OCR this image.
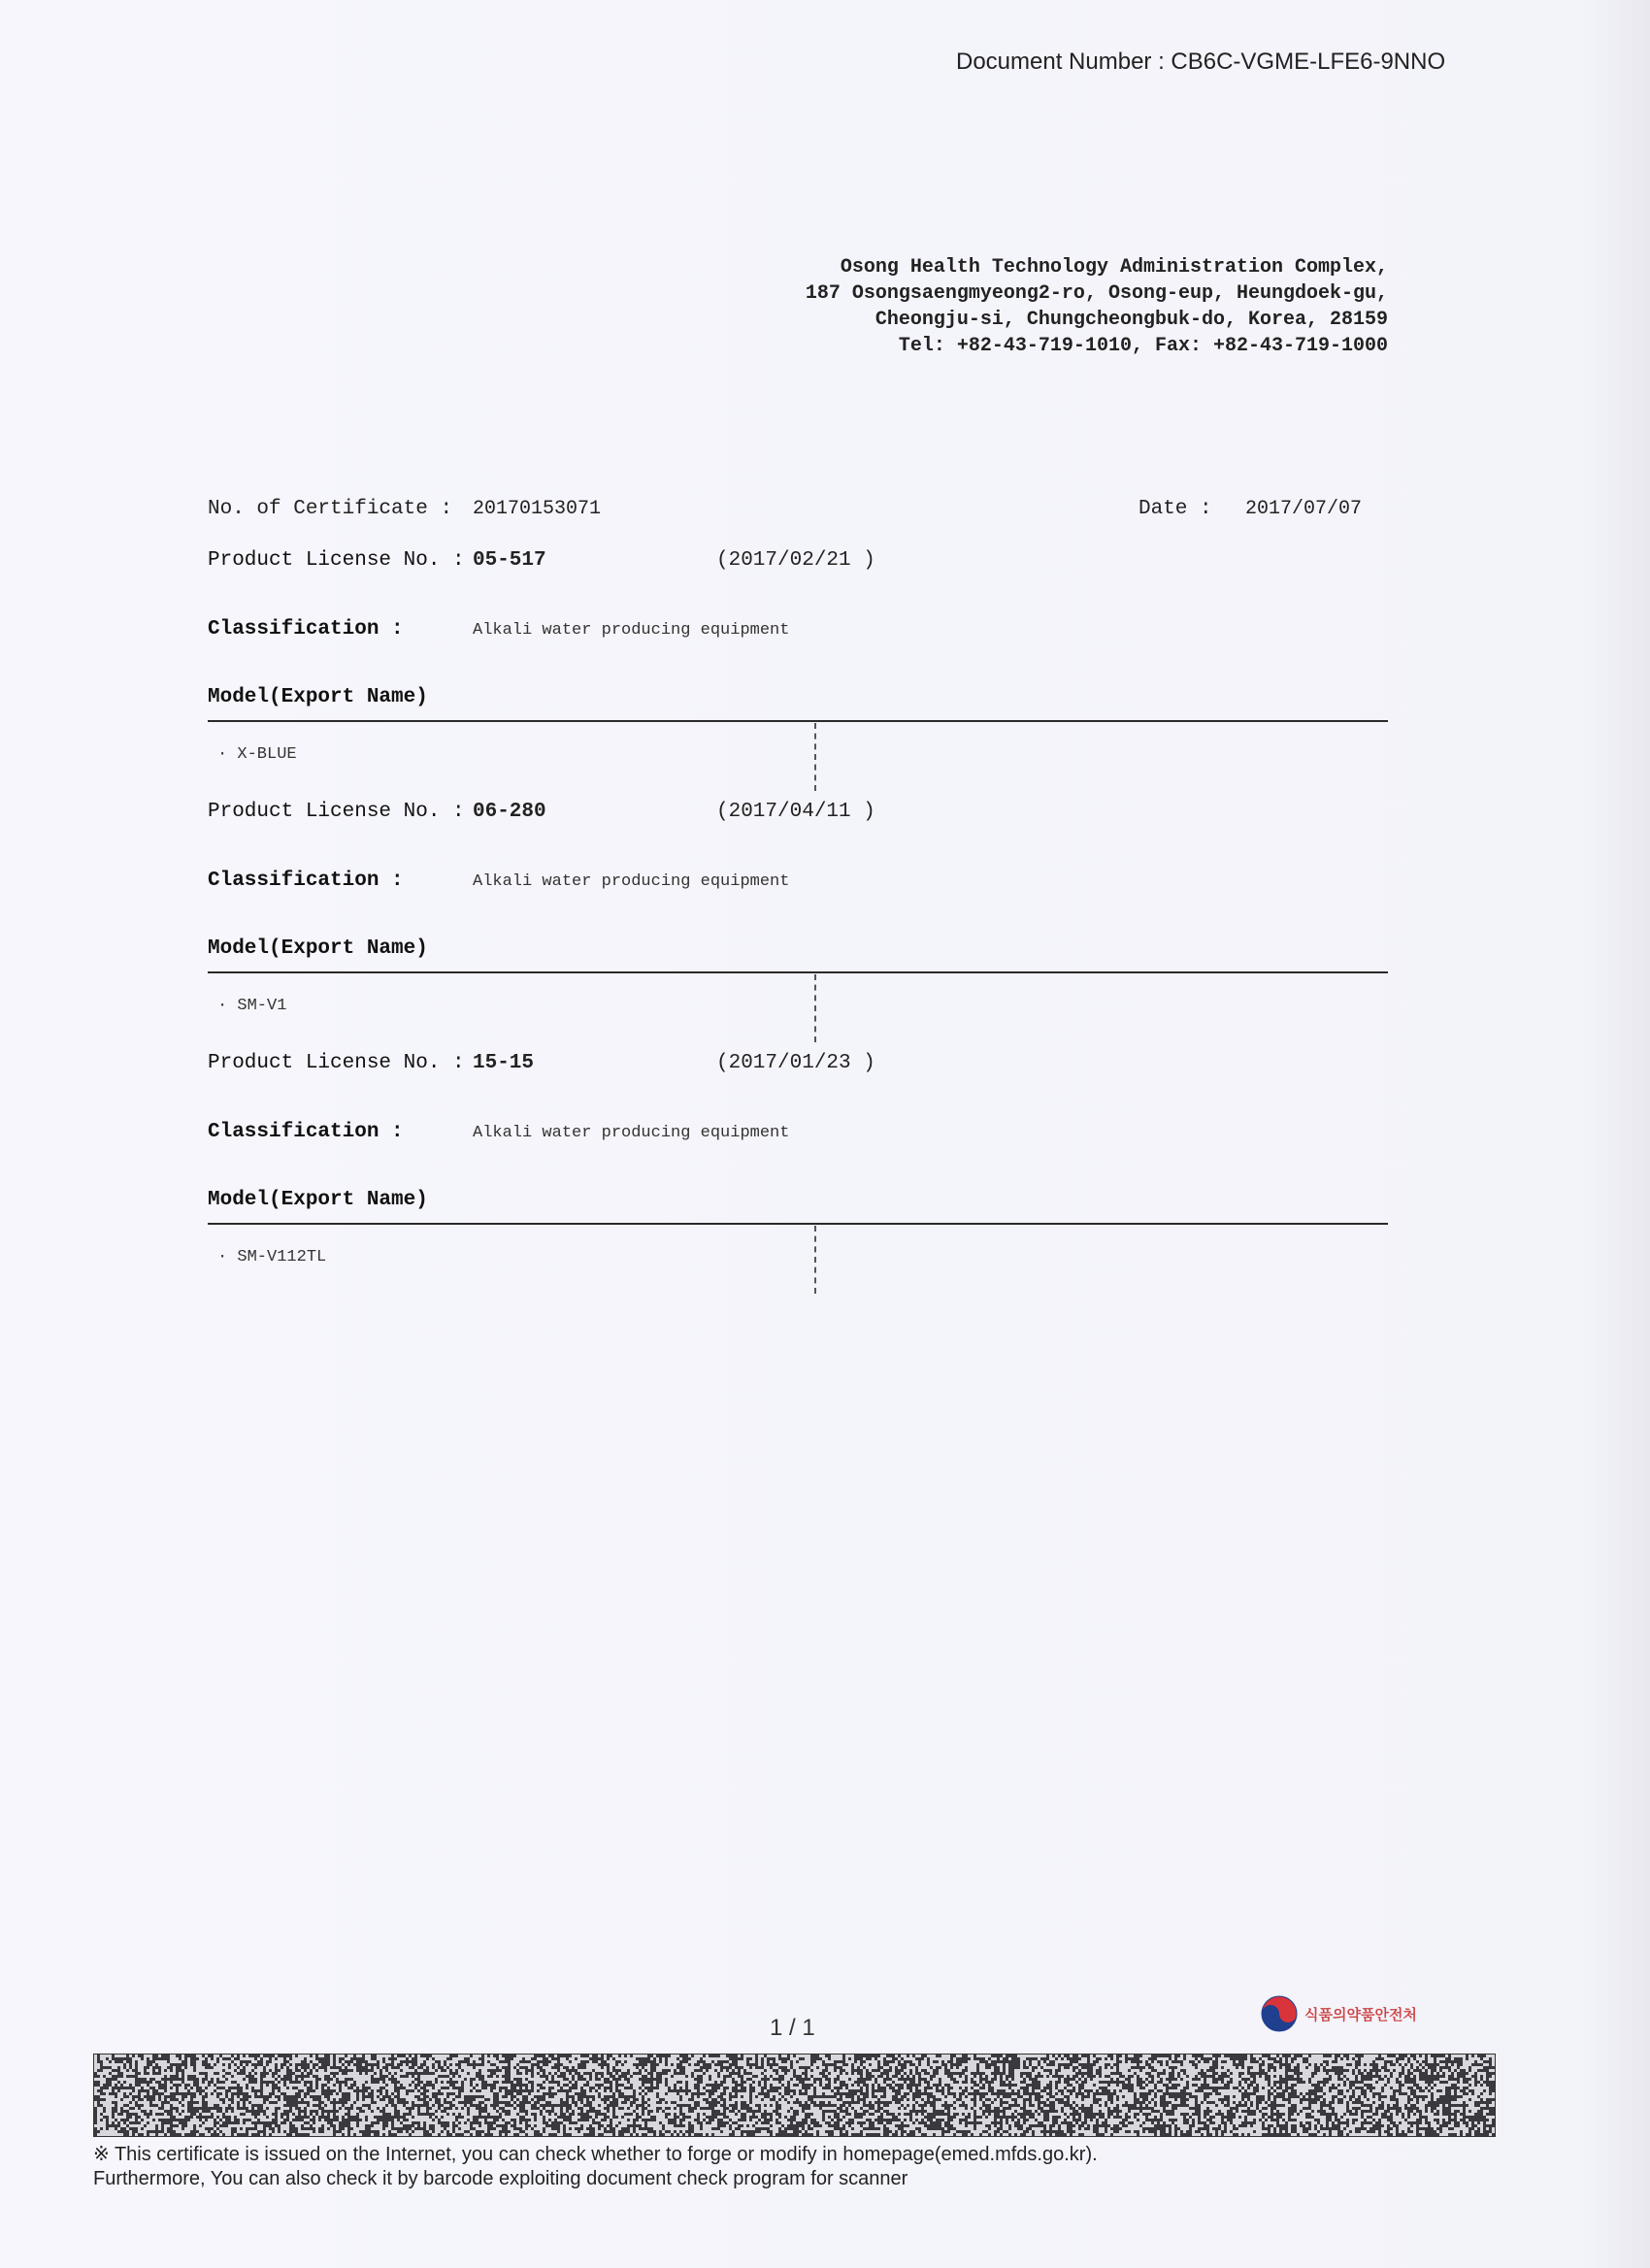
Document Number : CB6C-VGME-LFE6-9NNO
Osong Health Technology Administration Complex,
187 Osongsaengmyeong2-ro, Osong-eup, Heungdoek-gu,
Cheongju-si, Chungcheongbuk-do, Korea, 28159
Tel: +82-43-719-1010, Fax: +82-43-719-1000
No. of Certificate : 20170153071	Date : 2017/07/07
Product License No. : 05-517	(2017/02/21 )
Classification :	Alkali water producing equipment
Model(Export Name)
· X-BLUE
Product License No. : 06-280	(2017/04/11 )
Classification :	Alkali water producing equipment
Model(Export Name)
· SM-V1
Product License No. : 15-15	(2017/01/23 )
Classification :	Alkali water producing equipment
Model(Export Name)
· SM-V112TL
1 / 1
식품의약품안전처
※ This certificate is issued on the Internet, you can check whether to forge or modify in homepage(emed.mfds.go.kr).
Furthermore, You can also check it by barcode exploiting document check program for scanner
